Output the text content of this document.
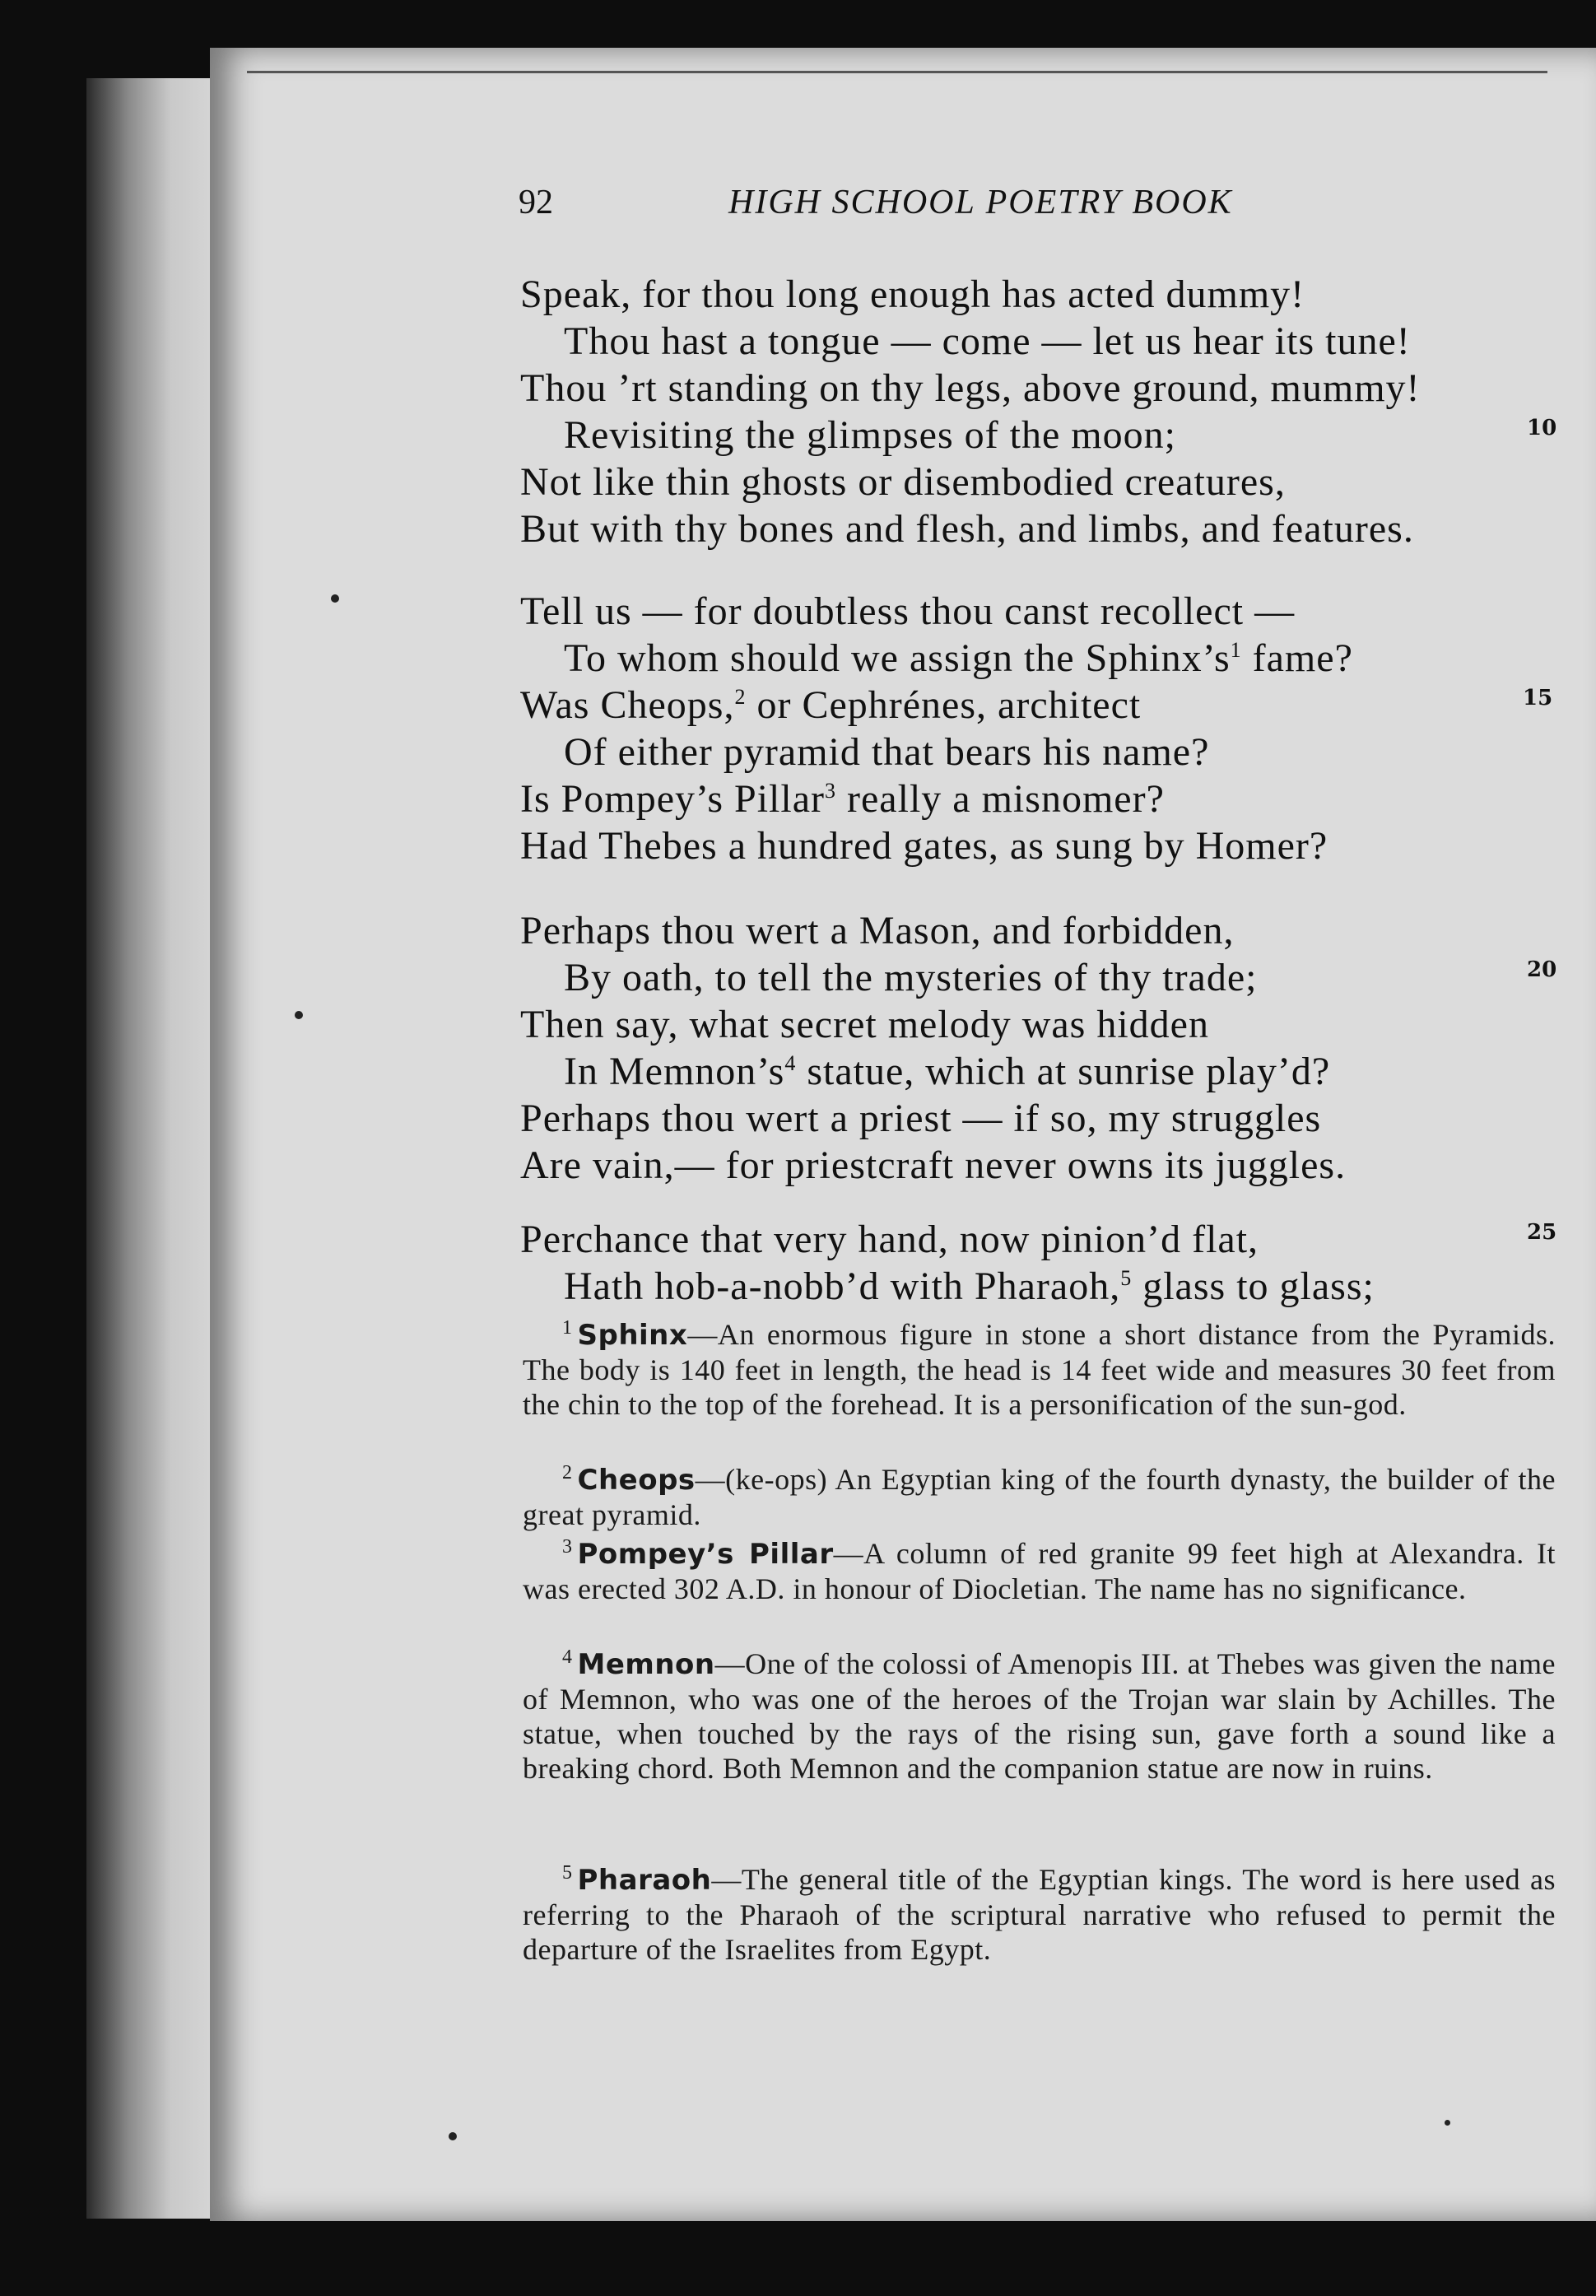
92	HIGH SCHOOL POETRY BOOK
Speak, for thou long enough has acted dummy!
Thou hast a tongue — come — let us hear its tune!
Thou ’rt standing on thy legs, above ground, mummy!
Revisiting the glimpses of the moon;	10
Not like thin ghosts or disembodied creatures,
But with thy bones and flesh, and limbs, and features.
Tell us — for doubtless thou canst recollect —
To whom should we assign the $Sphinx’s^1$ fame?
Was Cheops,$^2$ or Cephrénes, architect	15
Of either pyramid that bears his name?
Is Pompey’s Pillar$^3$ really a misnomer?
Had Thebes a hundred gates, as sung by Homer?
Perhaps thou wert a Mason, and forbidden,
By oath, to tell the mysteries of thy trade;	20
Then say, what secret melody was hidden
In $Memnon’s^4$ statue, which at sunrise play’d?
Perhaps thou wert a priest — if so, my struggles
Are vain,— for priestcraft never owns its juggles.
Perchance that very hand, now pinion’d flat,	25
Hath hob-a-nobb’d with Pharaoh,$^5$ glass to glass;
$^1$ Sphinx—An enormous figure in stone a short distance from the Pyramids. The body is 140 feet in length, the head is 14 feet wide and measures 30 feet from the chin to the top of the forehead. It is a personification of the sun-god.
$^2$ Cheops—(ke-ops) An Egyptian king of the fourth dynasty, the builder of the great pyramid.
$^3$ Pompey’s Pillar—A column of red granite 99 feet high at Alexandra. It was erected 302 A.D. in honour of Diocletian. The name has no significance.
$^4$ Memnon—One of the colossi of Amenopis III. at Thebes was given the name of Memnon, who was one of the heroes of the Trojan war slain by Achilles. The statue, when touched by the rays of the rising sun, gave forth a sound like a breaking chord. Both Memnon and the companion statue are now in ruins.
$^5$ Pharaoh—The general title of the Egyptian kings. The word is here used as referring to the Pharaoh of the scriptural narrative who refused to permit the departure of the Israelites from Egypt.
